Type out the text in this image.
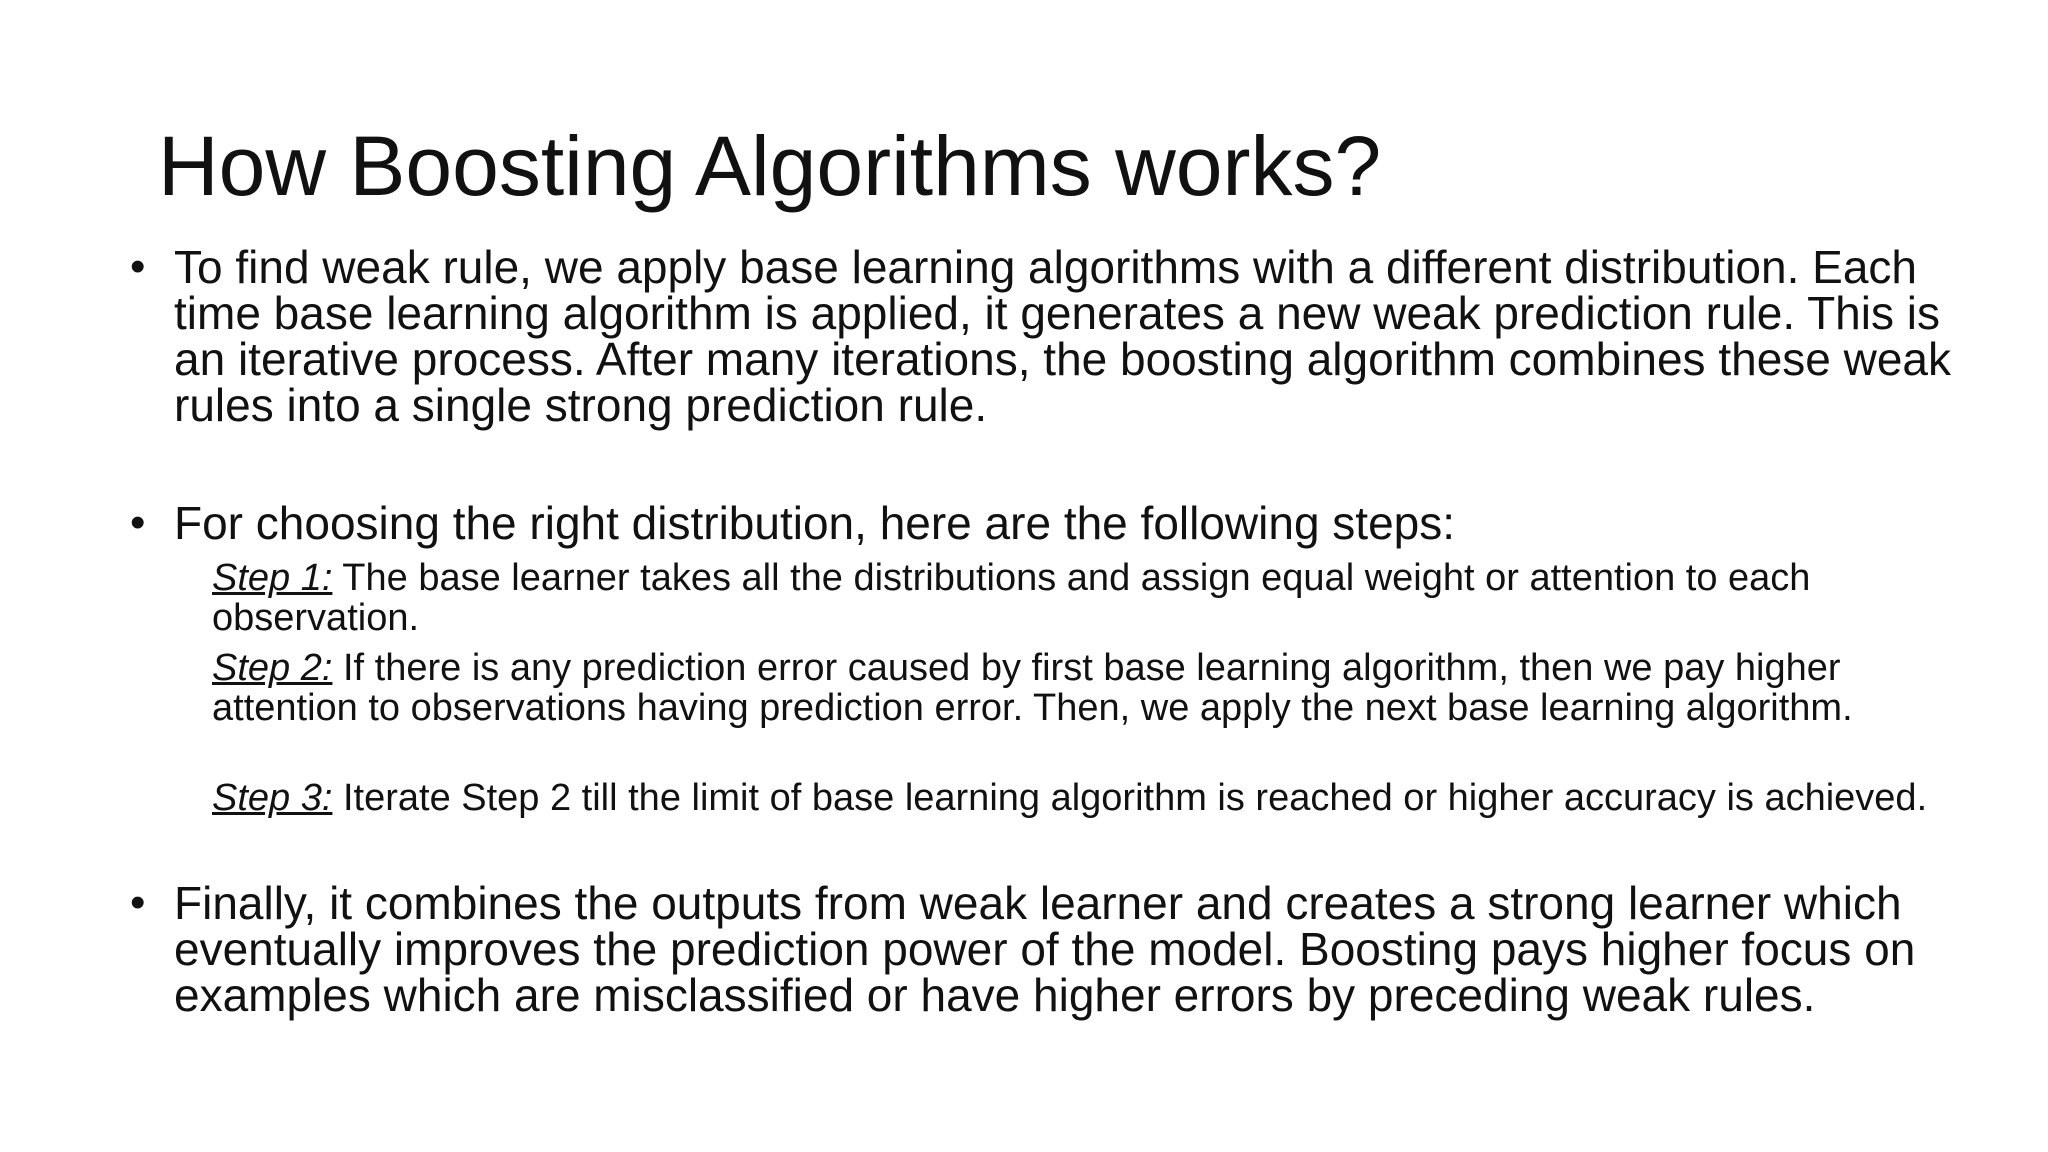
How Boosting Algorithms works?
• To find weak rule, we apply base learning algorithms with a different distribution. Each time base learning algorithm is applied, it generates a new weak prediction rule. This is an iterative process. After many iterations, the boosting algorithm combines these weak rules into a single strong prediction rule.
• For choosing the right distribution, here are the following steps:
Step 1: The base learner takes all the distributions and assign equal weight or attention to each observation.
Step 2: If there is any prediction error caused by first base learning algorithm, then we pay higher attention to observations having prediction error. Then, we apply the next base learning algorithm.
Step 3: Iterate Step 2 till the limit of base learning algorithm is reached or higher accuracy is achieved.
• Finally, it combines the outputs from weak learner and creates a strong learner which eventually improves the prediction power of the model. Boosting pays higher focus on examples which are misclassified or have higher errors by preceding weak rules.
